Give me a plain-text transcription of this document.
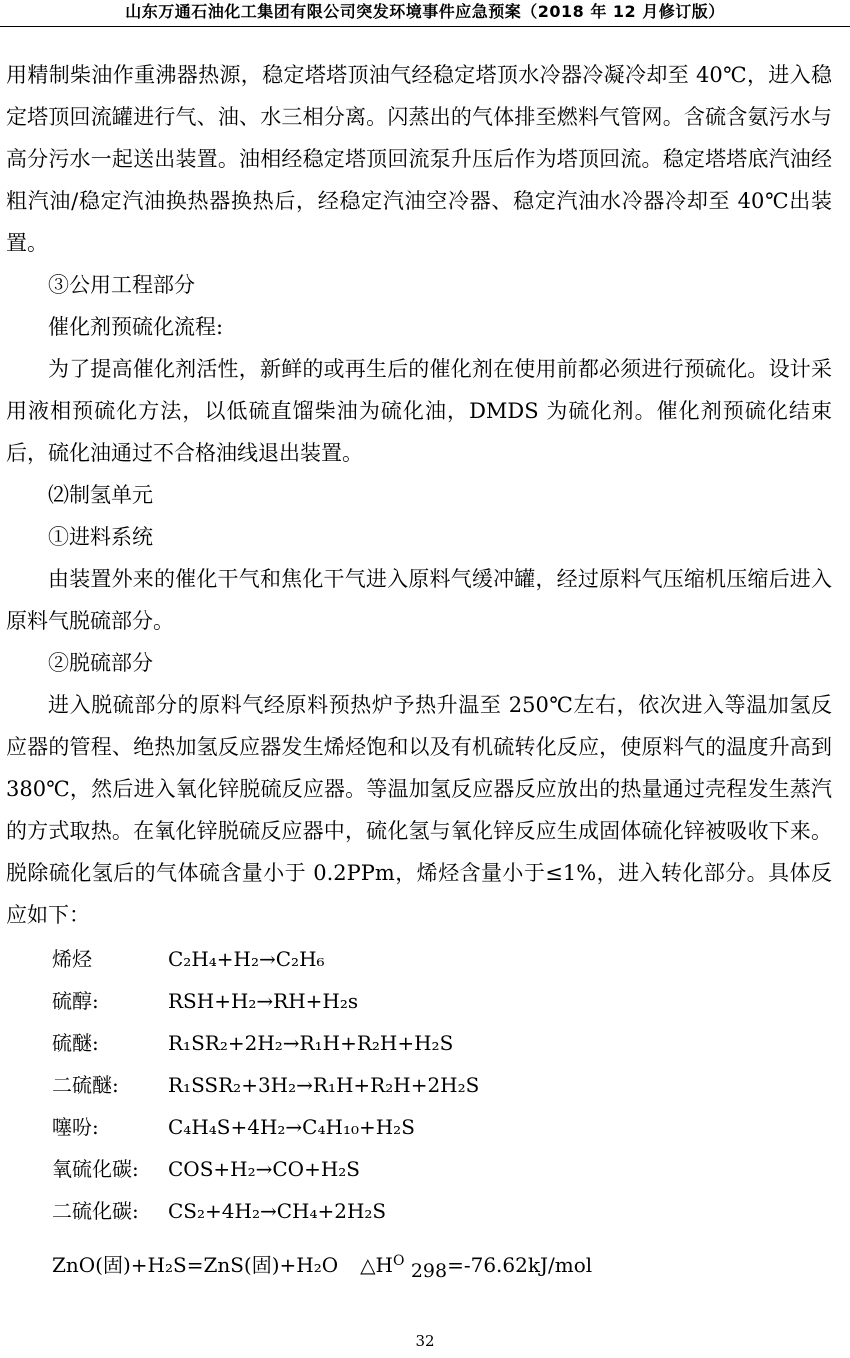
山东万通石油化工集团有限公司突发环境事件应急预案（2018 年 12 月修订版）

用精制柴油作重沸器热源，稳定塔塔顶油气经稳定塔顶水冷器冷凝冷却至 40℃，进入稳定塔顶回流罐进行气、油、水三相分离。闪蒸出的气体排至燃料气管网。含硫含氨污水与高分污水一起送出装置。油相经稳定塔顶回流泵升压后作为塔顶回流。稳定塔塔底汽油经粗汽油/稳定汽油换热器换热后，经稳定汽油空冷器、稳定汽油水冷器冷却至 40℃出装置。

③公用工程部分

催化剂预硫化流程:

为了提高催化剂活性，新鲜的或再生后的催化剂在使用前都必须进行预硫化。设计采用液相预硫化方法，以低硫直馏柴油为硫化油，DMDS 为硫化剂。催化剂预硫化结束后，硫化油通过不合格油线退出装置。

⑵制氢单元

①进料系统

由装置外来的催化干气和焦化干气进入原料气缓冲罐，经过原料气压缩机压缩后进入原料气脱硫部分。

②脱硫部分

进入脱硫部分的原料气经原料预热炉予热升温至 250℃左右，依次进入等温加氢反应器的管程、绝热加氢反应器发生烯烃饱和以及有机硫转化反应，使原料气的温度升高到 380℃，然后进入氧化锌脱硫反应器。等温加氢反应器反应放出的热量通过壳程发生蒸汽的方式取热。在氧化锌脱硫反应器中，硫化氢与氧化锌反应生成固体硫化锌被吸收下来。脱除硫化氢后的气体硫含量小于 0.2PPm，烯烃含量小于≤1%，进入转化部分。具体反应如下：

烯烃	C₂H₄+H₂→C₂H₆
硫醇:	RSH+H₂→RH+H₂s
硫醚:	R₁SR₂+2H₂→R₁H+R₂H+H₂S
二硫醚: R₁SSR₂+3H₂→R₁H+R₂H+2H₂S
噻吩:	C₄H₄S+4H₂→C₄H₁₀+H₂S
氧硫化碳: COS+H₂→CO+H₂S
二硫化碳: CS₂+4H₂→CH₄+2H₂S
ZnO(固)+H₂S=ZnS(固)+H₂O $\triangle H^O$ 298=-76.62kJ/mol
32
